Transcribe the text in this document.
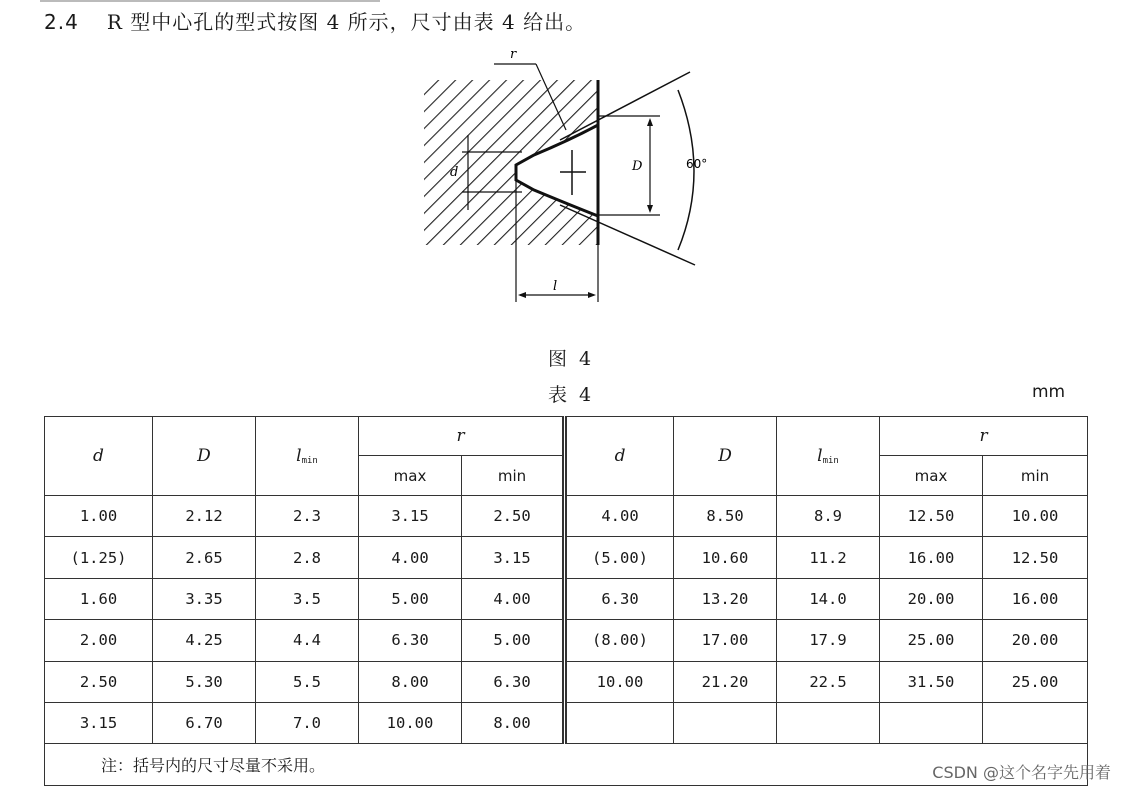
2.4 R 型中心孔的型式按图 4 所示，尺寸由表 4 给出。
60°
D
d
l
r
图 4
表 4	mm
d	D	$l_{min}$	r		d	D	$l_{min}$	r	
			max	min				max	min
1.00	2.12	2.3	3.15	2.50	4.00	8.50	8.9	12.50	10.00
(1.25)	2.65	2.8	4.00	3.15	(5.00)	10.60	11.2	16.00	12.50
1.60	3.35	3.5	5.00	4.00	6.30	13.20	14.0	20.00	16.00
2.00	4.25	4.4	6.30	5.00	(8.00)	17.00	17.9	25.00	20.00
2.50	5.30	5.5	8.00	6.30	10.00	21.20	22.5	31.50	25.00
3.15	6.70	7.0	10.00	8.00					
注：括号内的尺寸尽量不采用。										CSDN @这个名字先用着
